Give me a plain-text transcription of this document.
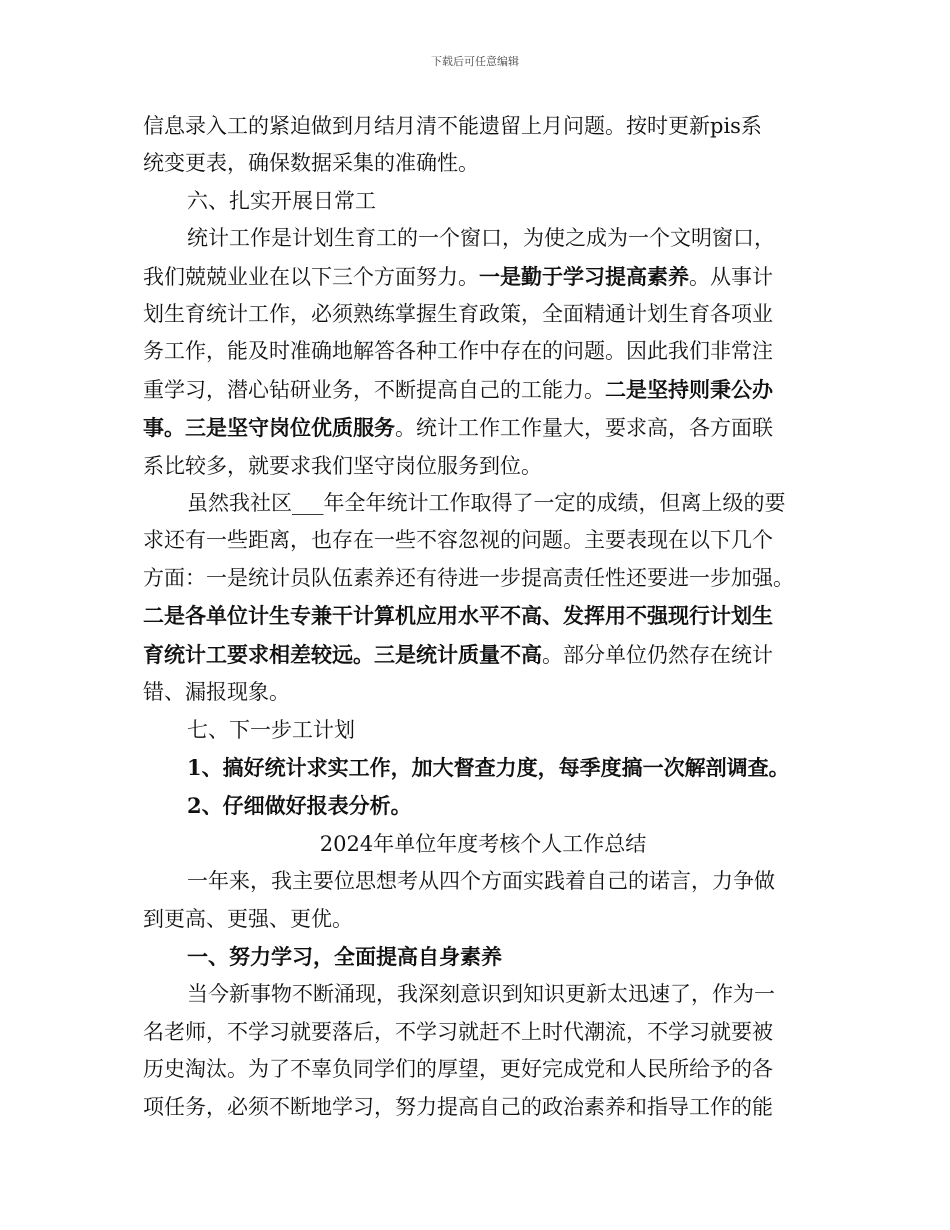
下载后可任意编辑
信息录入工的紧迫做到月结月清不能遗留上月问题。按时更新pis系
统变更表，确保数据采集的准确性。
六、扎实开展日常工
统计工作是计划生育工的一个窗口，为使之成为一个文明窗口，
我们兢兢业业在以下三个方面努力。一是勤于学习提高素养。从事计
划生育统计工作，必须熟练掌握生育政策，全面精通计划生育各项业
务工作，能及时准确地解答各种工作中存在的问题。因此我们非常注
重学习，潜心钻研业务，不断提高自己的工能力。二是坚持则秉公办
事。三是坚守岗位优质服务。统计工作工作量大，要求高，各方面联
系比较多，就要求我们坚守岗位服务到位。
虽然我社区___年全年统计工作取得了一定的成绩，但离上级的要
求还有一些距离，也存在一些不容忽视的问题。主要表现在以下几个
方面：一是统计员队伍素养还有待进一步提高责任性还要进一步加强。
二是各单位计生专兼干计算机应用水平不高、发挥用不强现行计划生
育统计工要求相差较远。三是统计质量不高。部分单位仍然存在统计
错、漏报现象。
七、下一步工计划
1、搞好统计求实工作，加大督查力度，每季度搞一次解剖调查。
2、仔细做好报表分析。
2024年单位年度考核个人工作总结
一年来，我主要位思想考从四个方面实践着自己的诺言，力争做
到更高、更强、更优。
一、努力学习，全面提高自身素养
当今新事物不断涌现，我深刻意识到知识更新太迅速了，作为一
名老师，不学习就要落后，不学习就赶不上时代潮流，不学习就要被
历史淘汰。为了不辜负同学们的厚望，更好完成党和人民所给予的各
项任务，必须不断地学习，努力提高自己的政治素养和指导工作的能
